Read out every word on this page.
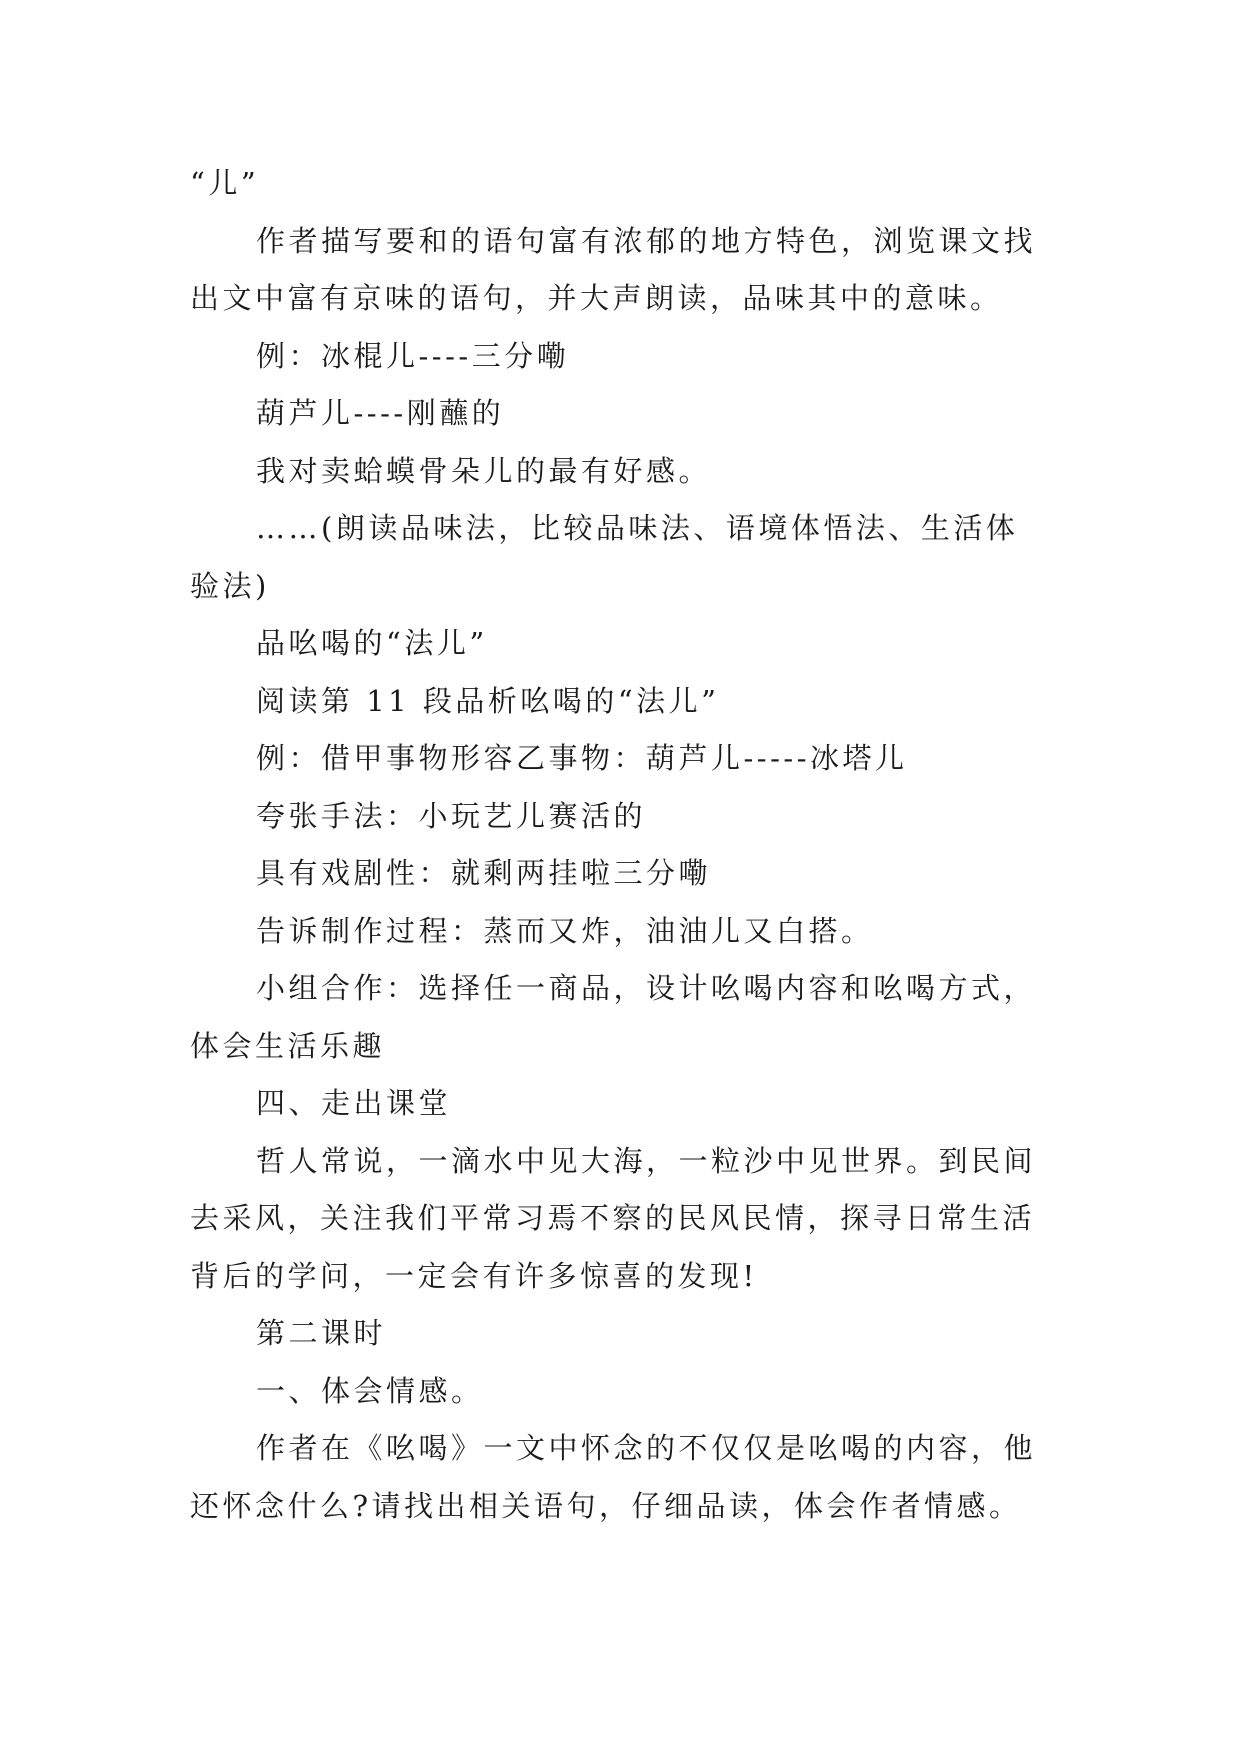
“儿”

作者描写要和的语句富有浓郁的地方特色，浏览课文找出文中富有京味的语句，并大声朗读，品味其中的意味。

例：冰棍儿----三分嘞

葫芦儿----刚蘸的

我对卖蛤蟆骨朵儿的最有好感。

……(朗读品味法，比较品味法、语境体悟法、生活体验法)

品吆喝的“法儿”

阅读第 11 段品析吆喝的“法儿”

例：借甲事物形容乙事物：葫芦儿-----冰塔儿

夸张手法：小玩艺儿赛活的

具有戏剧性：就剩两挂啦三分嘞

告诉制作过程：蒸而又炸，油油儿又白搭。

小组合作：选择任一商品，设计吆喝内容和吆喝方式，体会生活乐趣

四、走出课堂

哲人常说，一滴水中见大海，一粒沙中见世界。到民间去采风，关注我们平常习焉不察的民风民情，探寻日常生活背后的学问，一定会有许多惊喜的发现!

第二课时

一、体会情感。

作者在《吆喝》一文中怀念的不仅仅是吆喝的内容，他还怀念什么?请找出相关语句，仔细品读，体会作者情感。
